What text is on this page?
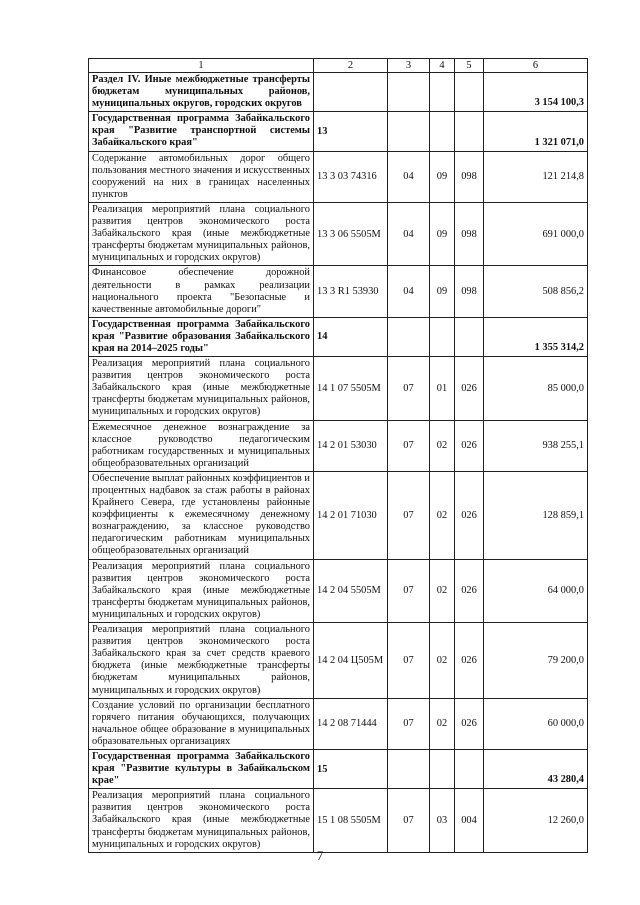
1	2	3	4	5	6
Раздел IV. Иные межбюджетные трансферты бюджетам муниципальных районов, муниципальных округов, городских округов					3 154 100,3
Государственная программа Забайкальского края "Развитие транспортной системы Забайкальского края"	13				1 321 071,0
Содержание автомобильных дорог общего пользования местного значения и искусственных сооружений на них в границах населенных пунктов	13 3 03 74316	04	09	098	121 214,8
Реализация мероприятий плана социального развития центров экономического роста Забайкальского края (иные межбюджетные трансферты бюджетам муниципальных районов, муниципальных и городских округов)	13 3 06 5505М	04	09	098	691 000,0
Финансовое обеспечение дорожной деятельности в рамках реализации национального проекта "Безопасные и качественные автомобильные дороги"	13 3 R1 53930	04	09	098	508 856,2
Государственная программа Забайкальского края "Развитие образования Забайкальского края на 2014–2025 годы"	14				1 355 314,2
Реализация мероприятий плана социального развития центров экономического роста Забайкальского края (иные межбюджетные трансферты бюджетам муниципальных районов, муниципальных и городских округов)	14 1 07 5505М	07	01	026	85 000,0
Ежемесячное денежное вознаграждение за классное руководство педагогическим работникам государственных и муниципальных общеобразовательных организаций	14 2 01 53030	07	02	026	938 255,1
Обеспечение выплат районных коэффициентов и процентных надбавок за стаж работы в районах Крайнего Севера, где установлены районные коэффициенты к ежемесячному денежному вознаграждению, за классное руководство педагогическим работникам муниципальных общеобразовательных организаций	14 2 01 71030	07	02	026	128 859,1
Реализация мероприятий плана социального развития центров экономического роста Забайкальского края (иные межбюджетные трансферты бюджетам муниципальных районов, муниципальных и городских округов)	14 2 04 5505М	07	02	026	64 000,0
Реализация мероприятий плана социального развития центров экономического роста Забайкальского края за счет средств краевого бюджета (иные межбюджетные трансферты бюджетам муниципальных районов, муниципальных и городских округов)	14 2 04 Ц505М	07	02	026	79 200,0
Создание условий по организации бесплатного горячего питания обучающихся, получающих начальное общее образование в муниципальных образовательных организациях	14 2 08 71444	07	02	026	60 000,0
Государственная программа Забайкальского края "Развитие культуры в Забайкальском крае"	15				43 280,4
Реализация мероприятий плана социального развития центров экономического роста Забайкальского края (иные межбюджетные трансферты бюджетам муниципальных районов, муниципальных и городских округов)	15 1 08 5505М	07	03	004	12 260,0
7
